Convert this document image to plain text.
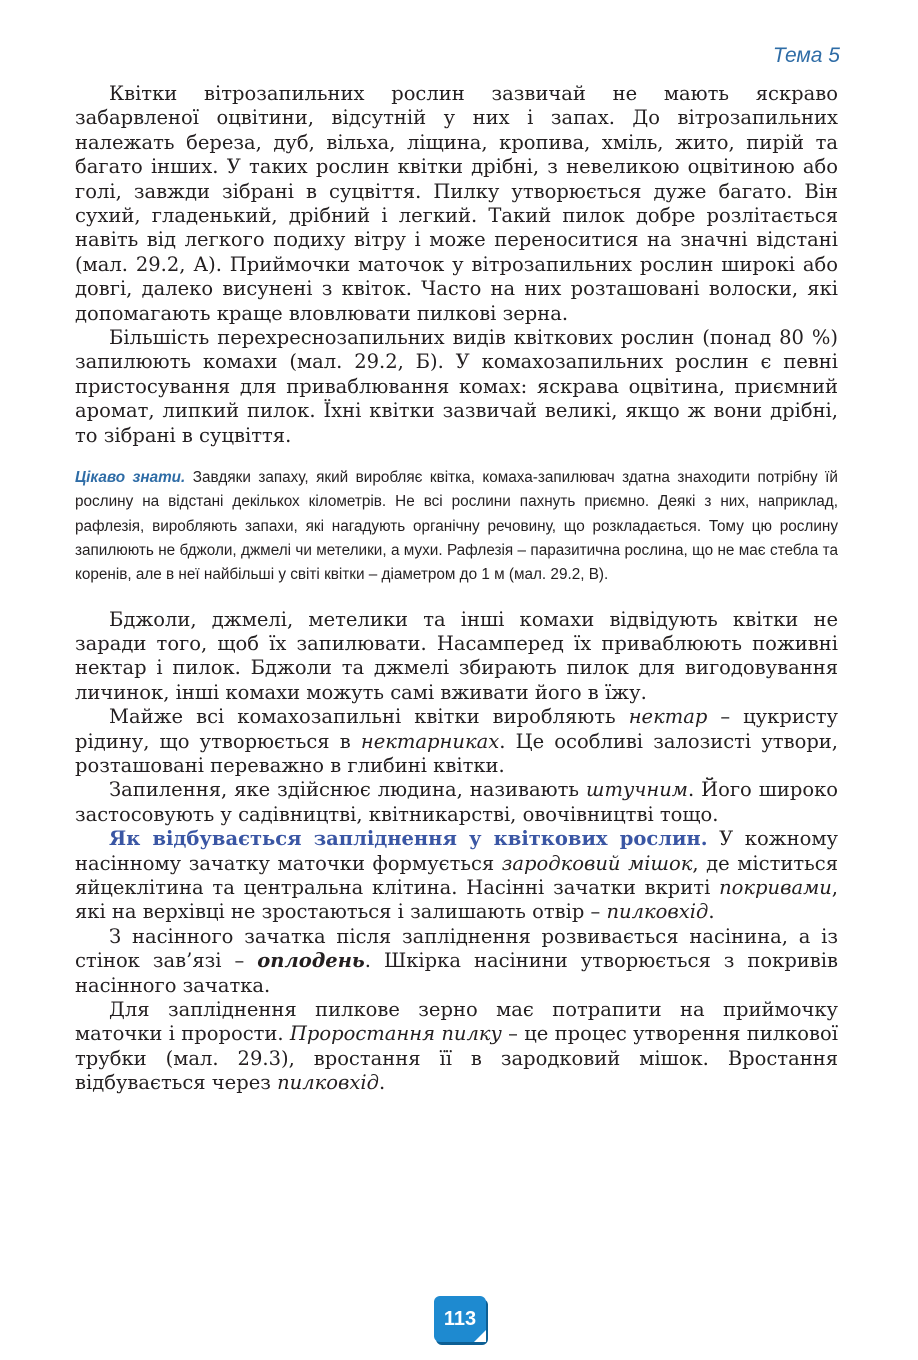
Тема 5

Квітки вітрозапильних рослин зазвичай не мають яскраво забарвленої оцвітини, відсутній у них і запах. До вітрозапильних належать береза, дуб, вільха, ліщина, кропива, хміль, жито, пирій та багато інших. У таких рослин квітки дрібні, з невеликою оцвітиною або голі, завжди зібрані в суцвіття. Пилку утворюється дуже багато. Він сухий, гладенький, дрібний і легкий. Такий пилок добре розлітається навіть від легкого подиху вітру і може переноситися на значні відстані (мал. 29.2, А). Приймочки маточок у вітрозапильних рослин широкі або довгі, далеко висунені з квіток. Часто на них розташовані волоски, які допомагають краще вловлювати пилкові зерна.

Більшість перехреснозапильних видів квіткових рослин (понад 80 %) запилюють комахи (мал. 29.2, Б). У комахозапильних рослин є певні пристосування для приваблювання комах: яскрава оцвітина, приємний аромат, липкий пилок. Їхні квітки зазвичай великі, якщо ж вони дрібні, то зібрані в суцвіття.

Цікаво знати. Завдяки запаху, який виробляє квітка, комаха-запилювач здатна знаходити потрібну їй рослину на відстані декількох кілометрів. Не всі рослини пахнуть приємно. Деякі з них, наприклад, рафлезія, виробляють запахи, які нагадують органічну речовину, що розкладається. Тому цю рослину запилюють не бджоли, джмелі чи метелики, а мухи. Рафлезія – паразитична рослина, що не має стебла та коренів, але в неї найбільші у світі квітки – діаметром до 1 м (мал. 29.2, В).

Бджоли, джмелі, метелики та інші комахи відвідують квітки не заради того, щоб їх запилювати. Насамперед їх приваблюють поживні нектар і пилок. Бджоли та джмелі збирають пилок для вигодовування личинок, інші комахи можуть самі вживати його в їжу.

Майже всі комахозапильні квітки виробляють нектар – цукристу рідину, що утворюється в нектарниках. Це особливі залозисті утвори, розташовані переважно в глибині квітки.

Запилення, яке здійснює людина, називають штучним. Його широко застосовують у садівництві, квітникарстві, овочівництві тощо.

Як відбувається запліднення у квіткових рослин. У кожному насінному зачатку маточки формується зародковий мішок, де міститься яйцеклітина та центральна клітина. Насінні зачатки вкриті покривами, які на верхівці не зростаються і залишають отвір – пилковхід.

З насінного зачатка після запліднення розвивається насінина, а із стінок зав’язі – оплодень. Шкірка насінини утворюється з покривів насінного зачатка.

Для запліднення пилкове зерно має потрапити на приймочку маточки і прорости. Проростання пилку – це процес утворення пилкової трубки (мал. 29.3), вростання її в зародковий мішок. Вростання відбувається через пилковхід.

113
